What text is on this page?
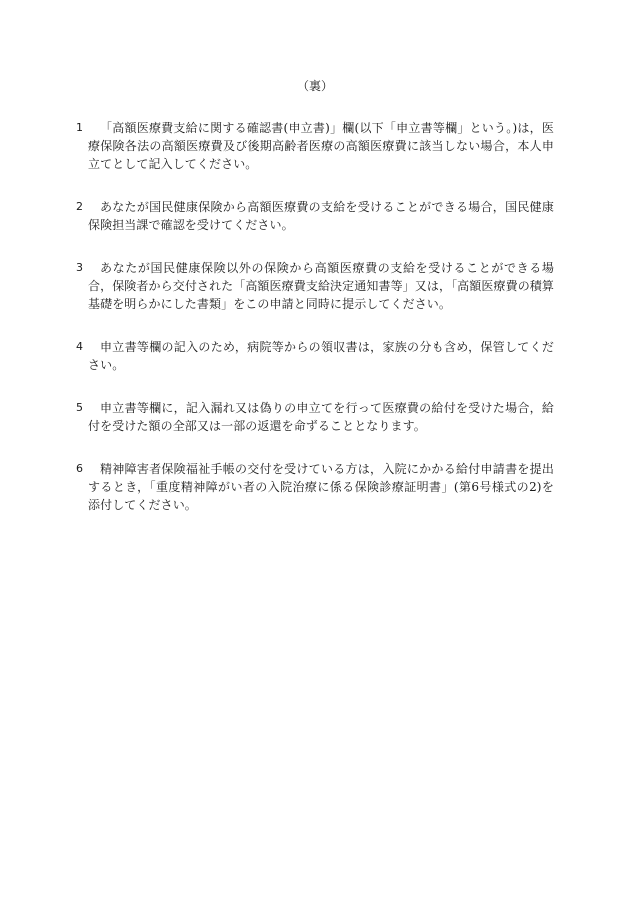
（裏）
1	「高額医療費支給に関する確認書(申立書)」欄(以下「申立書等欄」という。)は，医療保険各法の高額医療費及び後期高齢者医療の高額医療費に該当しない場合，本人申立てとして記入してください。
2	あなたが国民健康保険から高額医療費の支給を受けることができる場合，国民健康保険担当課で確認を受けてください。
3	あなたが国民健康保険以外の保険から高額医療費の支給を受けることができる場合，保険者から交付された「高額医療費支給決定通知書等」又は，「高額医療費の積算基礎を明らかにした書類」をこの申請と同時に提示してください。
4	申立書等欄の記入のため，病院等からの領収書は，家族の分も含め，保管してください。
5	申立書等欄に，記入漏れ又は偽りの申立てを行って医療費の給付を受けた場合，給付を受けた額の全部又は一部の返還を命ずることとなります。
6	精神障害者保険福祉手帳の交付を受けている方は，入院にかかる給付申請書を提出するとき，「重度精神障がい者の入院治療に係る保険診療証明書」(第6号様式の2)を添付してください。
